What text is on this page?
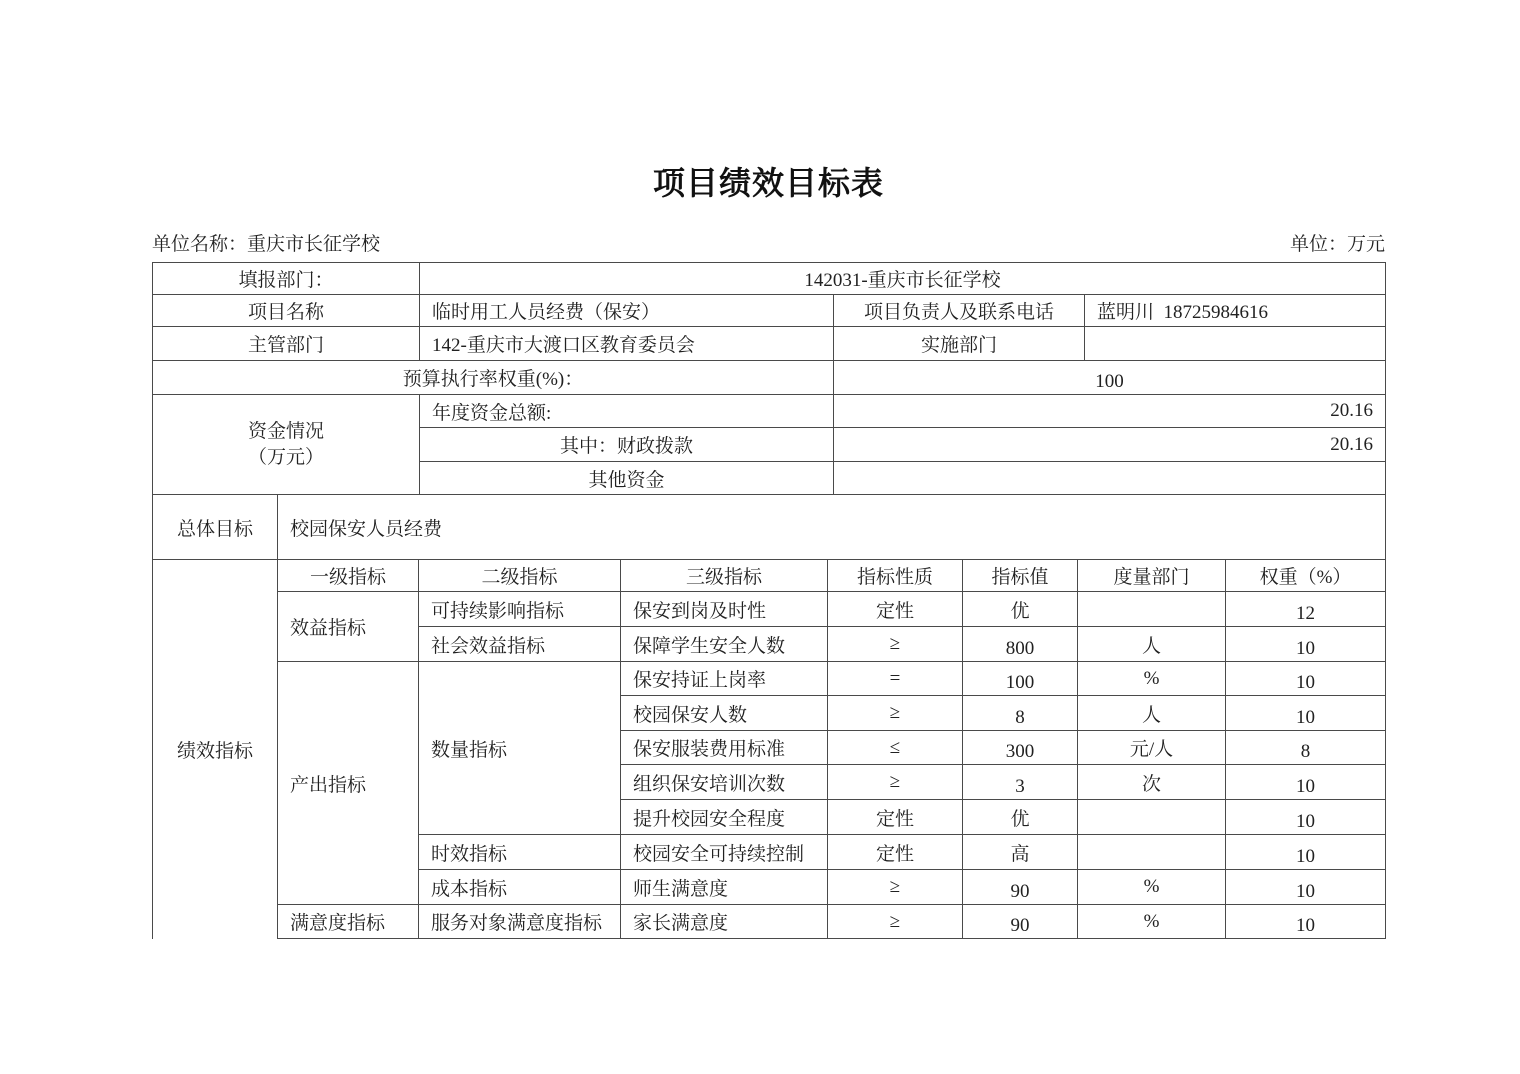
项目绩效目标表
单位名称：重庆市长征学校	单位：万元
填报部门：	142031-重庆市长征学校		
项目名称	临时用工人员经费（保安）	项目负责人及联系电话	蓝明川  18725984616
主管部门	142-重庆市大渡口区教育委员会	实施部门	
预算执行率权重(%)：		100	

资金情况
（万元）	年度资金总额:	20.16	
	其中：财政拨款	20.16	
	其他资金		
总体目标	校园保安人员经费
绩效指标	一级指标	二级指标	三级指标	指标性质	指标值	度量部门	权重（%）
	效益指标	可持续影响指标	保安到岗及时性	定性	优		12
		社会效益指标	保障学生安全人数	≥	800	人	10
	产出指标	数量指标	保安持证上岗率	=	100	%	10
			校园保安人数	≥	8	人	10
			保安服装费用标准	≤	300	元/人	8
			组织保安培训次数	≥	3	次	10
			提升校园安全程度	定性	优		10
		时效指标	校园安全可持续控制	定性	高		10
		成本指标	师生满意度	≥	90	%	10
	满意度指标	服务对象满意度指标	家长满意度	≥	90	%	10
